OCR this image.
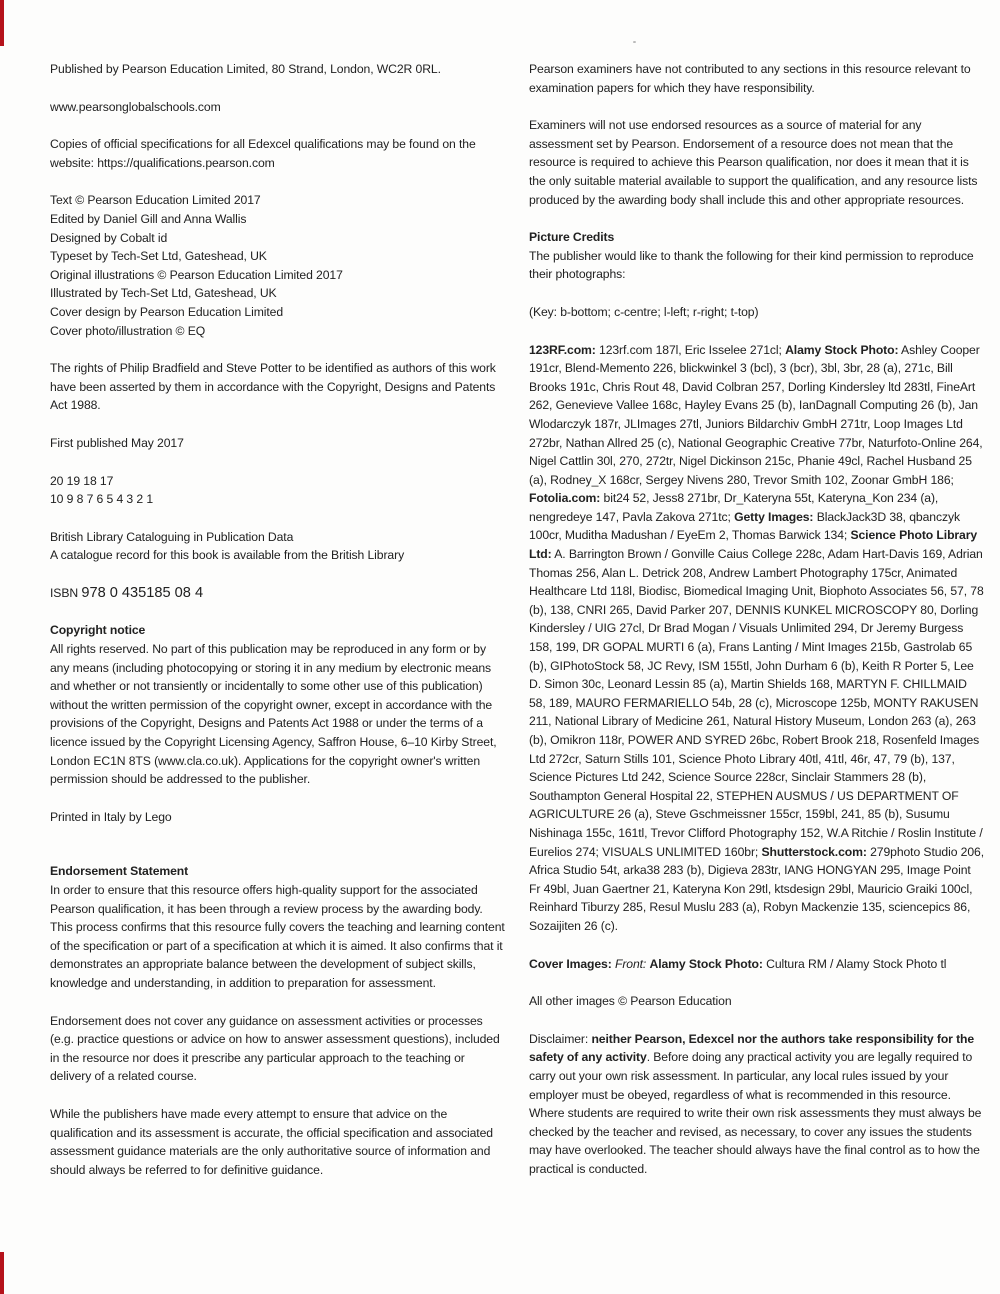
Published by Pearson Education Limited, 80 Strand, London, WC2R 0RL.

www.pearsonglobalschools.com

Copies of official specifications for all Edexcel qualifications may be found on the website: https://qualifications.pearson.com

Text © Pearson Education Limited 2017
Edited by Daniel Gill and Anna Wallis
Designed by Cobalt id
Typeset by Tech-Set Ltd, Gateshead, UK
Original illustrations © Pearson Education Limited 2017
Illustrated by Tech-Set Ltd, Gateshead, UK
Cover design by Pearson Education Limited
Cover photo/illustration © EQ

The rights of Philip Bradfield and Steve Potter to be identified as authors of this work have been asserted by them in accordance with the Copyright, Designs and Patents Act 1988.

First published May 2017

20 19 18 17
10 9 8 7 6 5 4 3 2 1
British Library Cataloguing in Publication Data
A catalogue record for this book is available from the British Library

ISBN 978 0 435185 08 4

Copyright notice

All rights reserved. No part of this publication may be reproduced in any form or by any means (including photocopying or storing it in any medium by electronic means and whether or not transiently or incidentally to some other use of this publication) without the written permission of the copyright owner, except in accordance with the provisions of the Copyright, Designs and Patents Act 1988 or under the terms of a licence issued by the Copyright Licensing Agency, Saffron House, 6–10 Kirby Street, London EC1N 8TS (www.cla.co.uk). Applications for the copyright owner's written permission should be addressed to the publisher.

Printed in Italy by Lego

Endorsement Statement

In order to ensure that this resource offers high-quality support for the associated Pearson qualification, it has been through a review process by the awarding body. This process confirms that this resource fully covers the teaching and learning content of the specification or part of a specification at which it is aimed. It also confirms that it demonstrates an appropriate balance between the development of subject skills, knowledge and understanding, in addition to preparation for assessment.

Endorsement does not cover any guidance on assessment activities or processes (e.g. practice questions or advice on how to answer assessment questions), included in the resource nor does it prescribe any particular approach to the teaching or delivery of a related course.

While the publishers have made every attempt to ensure that advice on the qualification and its assessment is accurate, the official specification and associated assessment guidance materials are the only authoritative source of information and should always be referred to for definitive guidance.

Pearson examiners have not contributed to any sections in this resource relevant to examination papers for which they have responsibility.

Examiners will not use endorsed resources as a source of material for any assessment set by Pearson. Endorsement of a resource does not mean that the resource is required to achieve this Pearson qualification, nor does it mean that it is the only suitable material available to support the qualification, and any resource lists produced by the awarding body shall include this and other appropriate resources.

Picture Credits

The publisher would like to thank the following for their kind permission to reproduce their photographs:

(Key: b-bottom; c-centre; l-left; r-right; t-top)

123RF.com: 123rf.com 187l, Eric Isselee 271cl; Alamy Stock Photo: Ashley Cooper 191cr, Blend-Memento 226, blickwinkel 3 (bcl), 3 (bcr), 3bl, 3br, 28 (a), 271c, Bill Brooks 191c, Chris Rout 48, David Colbran 257, Dorling Kindersley ltd 283tl, FineArt 262, Genevieve Vallee 168c, Hayley Evans 25 (b), IanDagnall Computing 26 (b), Jan Wlodarczyk 187r, JLImages 27tl, Juniors Bildarchiv GmbH 271tr, Loop Images Ltd 272br, Nathan Allred 25 (c), National Geographic Creative 77br, Naturfoto-Online 264, Nigel Cattlin 30l, 270, 272tr, Nigel Dickinson 215c, Phanie 49cl, Rachel Husband 25 (a), Rodney_X 168cr, Sergey Nivens 280, Trevor Smith 102, Zoonar GmbH 186; Fotolia.com: bit24 52, Jess8 271br, Dr_Kateryna 55t, Kateryna_Kon 234 (a), nengredeye 147, Pavla Zakova 271tc; Getty Images: BlackJack3D 38, qbanczyk 100cr, Muditha Madushan / EyeEm 2, Thomas Barwick 134; Science Photo Library Ltd: A. Barrington Brown / Gonville Caius College 228c, Adam Hart-Davis 169, Adrian Thomas 256, Alan L. Detrick 208, Andrew Lambert Photography 175cr, Animated Healthcare Ltd 118l, Biodisc, Biomedical Imaging Unit, Biophoto Associates 56, 57, 78 (b), 138, CNRI 265, David Parker 207, DENNIS KUNKEL MICROSCOPY 80, Dorling Kindersley / UIG 27cl, Dr Brad Mogan / Visuals Unlimited 294, Dr Jeremy Burgess 158, 199, DR GOPAL MURTI 6 (a), Frans Lanting / Mint Images 215b, Gastrolab 65 (b), GIPhotoStock 58, JC Revy, ISM 155tl, John Durham 6 (b), Keith R Porter 5, Lee D. Simon 30c, Leonard Lessin 85 (a), Martin Shields 168, MARTYN F. CHILLMAID 58, 189, MAURO FERMARIELLO 54b, 28 (c), Microscope 125b, MONTY RAKUSEN 211, National Library of Medicine 261, Natural History Museum, London 263 (a), 263 (b), Omikron 118r, POWER AND SYRED 26bc, Robert Brook 218, Rosenfeld Images Ltd 272cr, Saturn Stills 101, Science Photo Library 40tl, 41tl, 46r, 47, 79 (b), 137, Science Pictures Ltd 242, Science Source 228cr, Sinclair Stammers 28 (b), Southampton General Hospital 22, STEPHEN AUSMUS / US DEPARTMENT OF AGRICULTURE 26 (a), Steve Gschmeissner 155cr, 159bl, 241, 85 (b), Susumu Nishinaga 155c, 161tl, Trevor Clifford Photography 152, W.A Ritchie / Roslin Institute / Eurelios 274; VISUALS UNLIMITED 160br; Shutterstock.com: 279photo Studio 206, Africa Studio 54t, arka38 283 (b), Digieva 283tr, IANG HONGYAN 295, Image Point Fr 49bl, Juan Gaertner 21, Kateryna Kon 29tl, ktsdesign 29bl, Mauricio Graiki 100cl, Reinhard Tiburzy 285, Resul Muslu 283 (a), Robyn Mackenzie 135, sciencepics 86, Sozaijiten 26 (c).

Cover Images: Front: Alamy Stock Photo: Cultura RM / Alamy Stock Photo tl

All other images © Pearson Education

Disclaimer: neither Pearson, Edexcel nor the authors take responsibility for the safety of any activity. Before doing any practical activity you are legally required to carry out your own risk assessment. In particular, any local rules issued by your employer must be obeyed, regardless of what is recommended in this resource. Where students are required to write their own risk assessments they must always be checked by the teacher and revised, as necessary, to cover any issues the students may have overlooked. The teacher should always have the final control as to how the practical is conducted.
